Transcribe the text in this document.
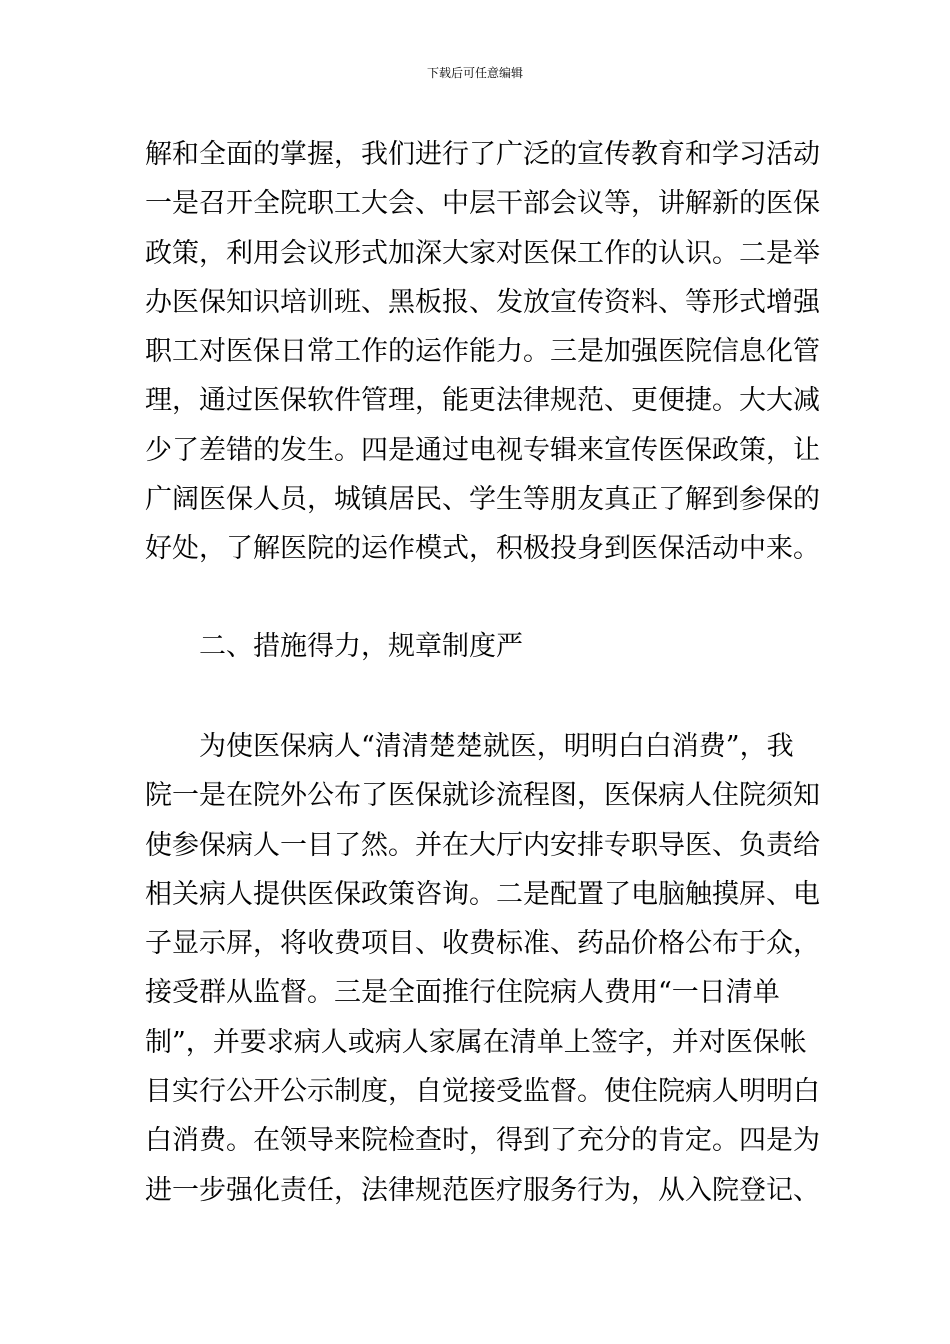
下载后可任意编辑
解和全面的掌握，我们进行了广泛的宣传教育和学习活动
一是召开全院职工大会、中层干部会议等，讲解新的医保
政策，利用会议形式加深大家对医保工作的认识。二是举
办医保知识培训班、黑板报、发放宣传资料、等形式增强
职工对医保日常工作的运作能力。三是加强医院信息化管
理，通过医保软件管理，能更法律规范、更便捷。大大减
少了差错的发生。四是通过电视专辑来宣传医保政策，让
广阔医保人员，城镇居民、学生等朋友真正了解到参保的
好处，了解医院的运作模式，积极投身到医保活动中来。
二、措施得力，规章制度严
为使医保病人“清清楚楚就医，明明白白消费”，我
院一是在院外公布了医保就诊流程图，医保病人住院须知
使参保病人一目了然。并在大厅内安排专职导医、负责给
相关病人提供医保政策咨询。二是配置了电脑触摸屏、电
子显示屏，将收费项目、收费标准、药品价格公布于众，
接受群从监督。三是全面推行住院病人费用“一日清单
制”，并要求病人或病人家属在清单上签字，并对医保帐
目实行公开公示制度，自觉接受监督。使住院病人明明白
白消费。在领导来院检查时，得到了充分的肯定。四是为
进一步强化责任，法律规范医疗服务行为，从入院登记、
